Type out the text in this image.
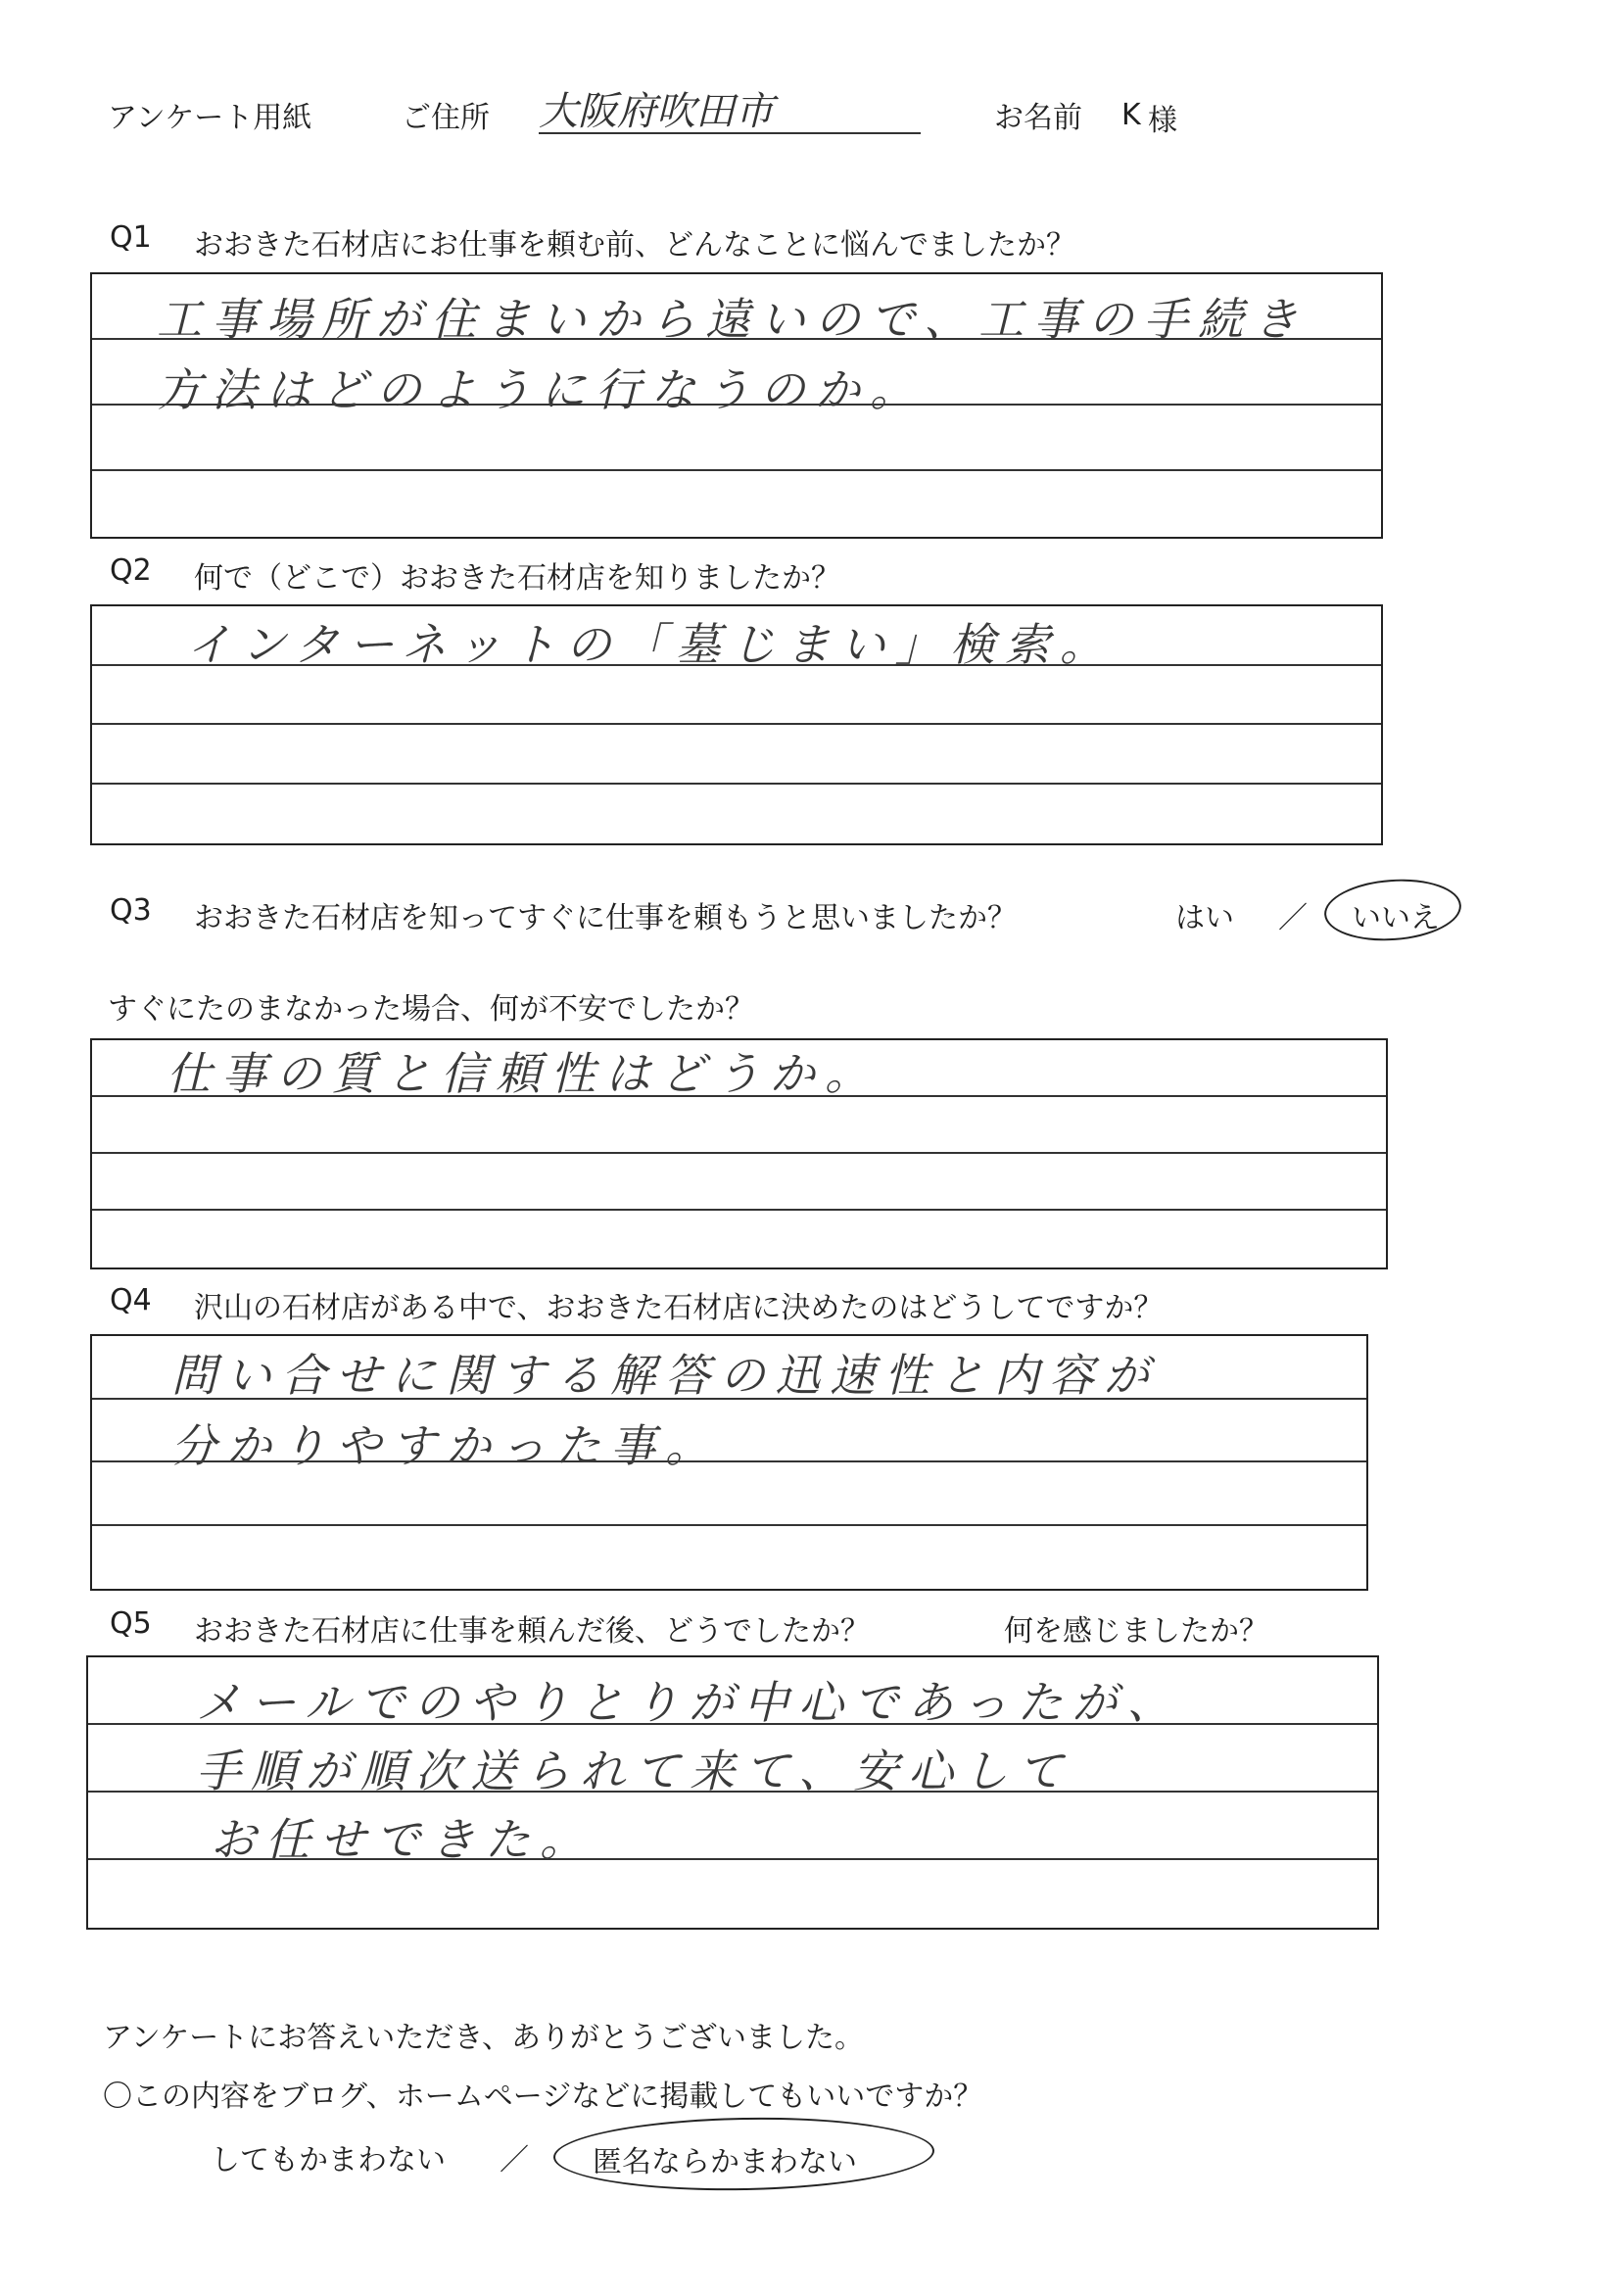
アンケート用紙	ご住所 大阪府吹田市	お名前 K 様
Q1 おおきた石材店にお仕事を頼む前、どんなことに悩んでましたか？
工事場所が住まいから遠いので、工事の手続き
方法はどのように行なうのか。
Q2 何で（どこで）おおきた石材店を知りましたか？
インターネットの「墓じまい」検索。
Q3 おおきた石材店を知ってすぐに仕事を頼もうと思いましたか？	はい ／ いいえ
すぐにたのまなかった場合、何が不安でしたか？
仕事の質と信頼性はどうか。
Q4 沢山の石材店がある中で、おおきた石材店に決めたのはどうしてですか？
問い合せに関する解答の迅速性と内容が
分かりやすかった事。
Q5 おおきた石材店に仕事を頼んだ後、どうでしたか？	何を感じましたか？
メールでのやりとりが中心であったが、
手順が順次送られて来て、安心して
お任せできた。
アンケートにお答えいただき、ありがとうございました。
〇この内容をブログ、ホームページなどに掲載してもいいですか？
してもかまわない ／ 匿名ならかまわない
